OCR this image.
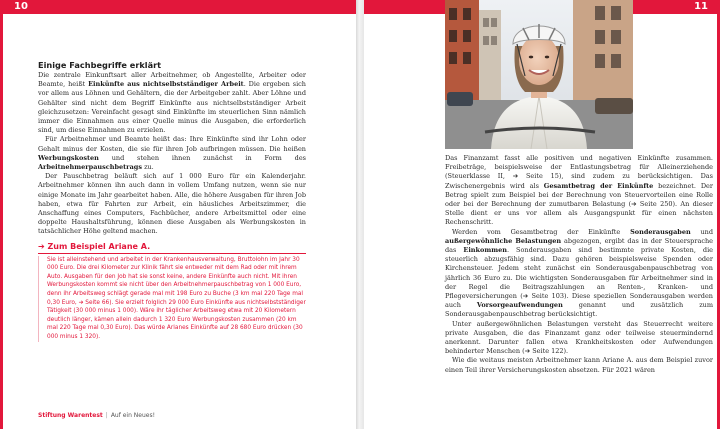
10	11
Einige Fachbegriffe erklärt

Die zentrale Einkunftsart aller Arbeitnehmer, ob Angestellte, Arbeiter oder Beamte, heißt Einkünfte aus nichtselbstständiger Arbeit. Die ergeben sich vor allem aus Löhnen und Gehältern, die der Arbeitgeber zahlt. Aber Löhne und Gehälter sind nicht dem Begriff Einkünfte aus nichtselbstständiger Arbeit gleichzusetzen: Vereinfacht gesagt sind Einkünfte im steuerlichen Sinn nämlich immer die Einnahmen aus einer Quelle minus die Ausgaben, die erforderlich sind, um diese Einnahmen zu erzielen.

Für Arbeitnehmer und Beamte heißt das: Ihre Einkünfte sind ihr Lohn oder Gehalt minus der Kosten, die sie für ihren Job aufbringen müssen. Die heißen Werbungskosten und stehen ihnen zunächst in Form des Arbeitnehmerpauschbetrags zu.

Der Pauschbetrag beläuft sich auf 1 000 Euro für ein Kalenderjahr. Arbeitnehmer können ihn auch dann in vollem Umfang nutzen, wenn sie nur einige Monate im Jahr gearbeitet haben. Alle, die höhere Ausgaben für ihren Job haben, etwa für Fahrten zur Arbeit, ein häusliches Arbeitszimmer, die Anschaffung eines Computers, Fachbücher, andere Arbeitsmittel oder eine doppelte Haushaltsführung, können diese Ausgaben als Werbungskosten in tatsächlicher Höhe geltend machen.

➔ Zum Beispiel Ariane A.

Sie ist alleinstehend und arbeitet in der Krankenhausverwaltung, Bruttolohn im Jahr 30 000 Euro. Die drei Kilometer zur Klinik fährt sie entweder mit dem Rad oder mit ihrem Auto. Ausgaben für den Job hat sie sonst keine, andere Einkünfte auch nicht. Mit ihren Werbungskosten kommt sie nicht über den Arbeitnehmerpauschbetrag von 1 000 Euro, denn ihr Arbeitsweg schlägt gerade mal mit 198 Euro zu Buche (3 km mal 220 Tage mal 0,30 Euro, ➔ Seite 66). Sie erzielt folglich 29 000 Euro Einkünfte aus nichtselbstständiger Tätigkeit (30 000 minus 1 000). Wäre ihr täglicher Arbeitsweg etwa mit 20 Kilometern deutlich länger, kämen allein dadurch 1 320 Euro Werbungskosten zusammen (20 km mal 220 Tage mal 0,30 Euro). Das würde Arianes Einkünfte auf 28 680 Euro drücken (30 000 minus 1 320).

Stiftung Warentest | Auf ein Neues!

Das Finanzamt fasst alle positiven und negativen Einkünfte zusammen. Freibeträge, beispielsweise der Entlastungsbetrag für Alleinerziehende (Steuerklasse II, ➔ Seite 15), sind zudem zu berücksichtigen. Das Zwischenergebnis wird als Gesamtbetrag der Einkünfte bezeichnet. Der Betrag spielt zum Beispiel bei der Berechnung von Steuervorteilen eine Rolle oder bei der Berechnung der zumutbaren Belastung (➔ Seite 250). An dieser Stelle dient er uns vor allem als Ausgangspunkt für einen nächsten Rechenschritt.

Werden vom Gesamtbetrag der Einkünfte Sonderausgaben und außergewöhnliche Belastungen abgezogen, ergibt das in der Steuersprache das Einkommen. Sonderausgaben sind bestimmte private Kosten, die steuerlich abzugsfähig sind. Dazu gehören beispielsweise Spenden oder Kirchensteuer. Jedem steht zunächst ein Sonderausgabenpauschbetrag von jährlich 36 Euro zu. Die wichtigsten Sonderausgaben für Arbeitnehmer sind in der Regel die Beitragszahlungen an Renten-, Kranken- und Pflegeversicherungen (➔ Seite 103). Diese speziellen Sonderausgaben werden auch Vorsorgeaufwendungen genannt und zusätzlich zum Sonderausgabenpauschbetrag berücksichtigt.

Unter außergewöhnlichen Belastungen versteht das Steuerrecht weitere private Ausgaben, die das Finanzamt ganz oder teilweise steuermindernd anerkennt. Darunter fallen etwa Krankheitskosten oder Aufwendungen behinderter Menschen (➔ Seite 122).

Wie die weitaus meisten Arbeitnehmer kann Ariane A. aus dem Beispiel zuvor einen Teil ihrer Versicherungskosten absetzen. Für 2021 wären
